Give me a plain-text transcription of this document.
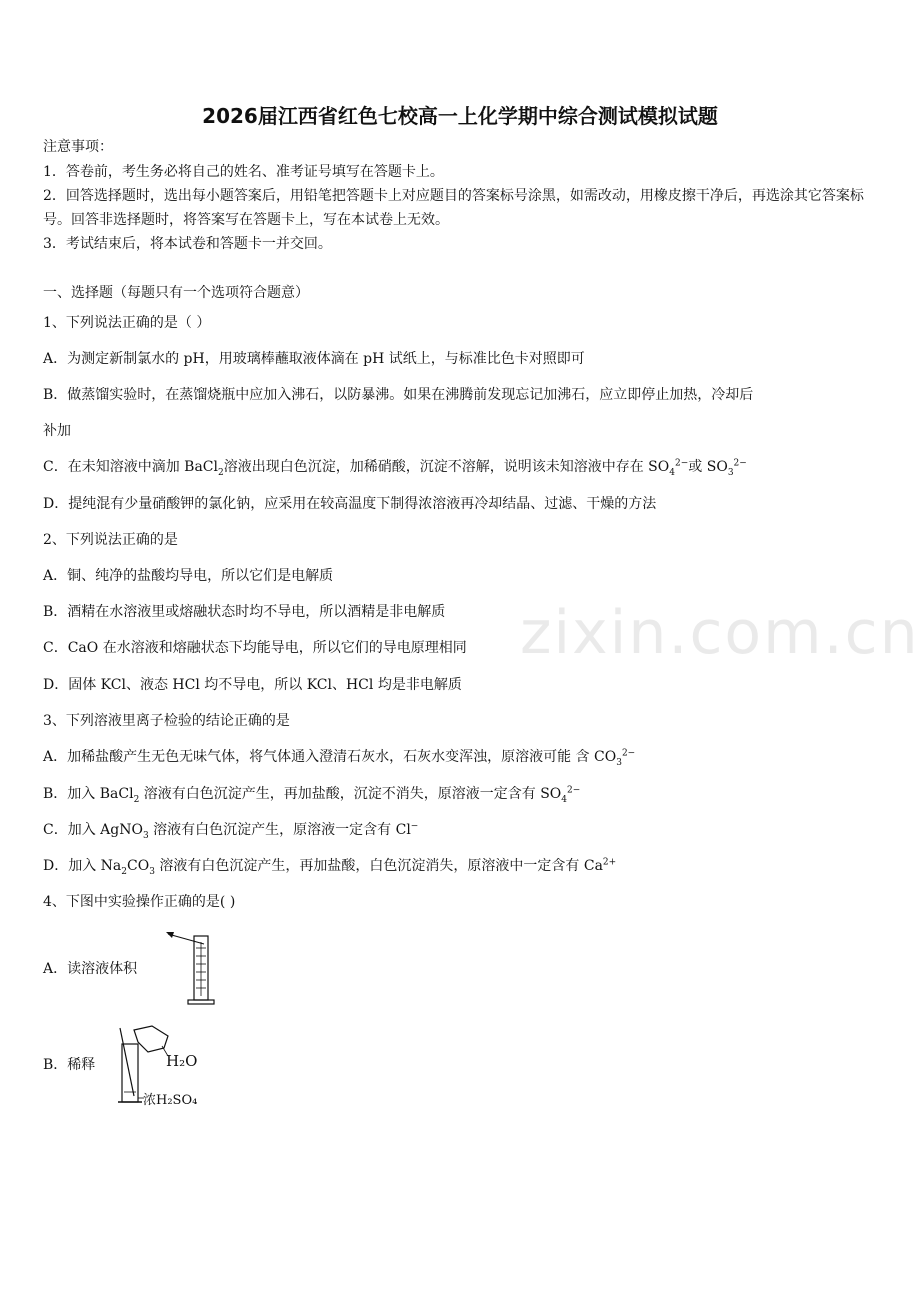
2026届江西省红色七校高一上化学期中综合测试模拟试题
注意事项：
1．答卷前，考生务必将自己的姓名、准考证号填写在答题卡上。
2．回答选择题时，选出每小题答案后，用铅笔把答题卡上对应题目的答案标号涂黑，如需改动，用橡皮擦干净后，再选涂其它答案标号。回答非选择题时，将答案写在答题卡上，写在本试卷上无效。
3．考试结束后，将本试卷和答题卡一并交回。
一、选择题（每题只有一个选项符合题意）
1、下列说法正确的是（ ）
A．为测定新制氯水的 pH，用玻璃棒蘸取液体滴在 pH 试纸上，与标准比色卡对照即可
B．做蒸馏实验时，在蒸馏烧瓶中应加入沸石，以防暴沸。如果在沸腾前发现忘记加沸石，应立即停止加热，冷却后
补加
C．在未知溶液中滴加 BaCl$_2$溶液出现白色沉淀，加稀硝酸，沉淀不溶解，说明该未知溶液中存在 $SO_4^{2-}$或 $SO_3^{2-}$
D．提纯混有少量硝酸钾的氯化钠，应采用在较高温度下制得浓溶液再冷却结晶、过滤、干燥的方法
2、下列说法正确的是
A．铜、纯净的盐酸均导电，所以它们是电解质
B．酒精在水溶液里或熔融状态时均不导电，所以酒精是非电解质
C．CaO 在水溶液和熔融状态下均能导电，所以它们的导电原理相同
D．固体 KCl、液态 HCl 均不导电，所以 KCl、HCl 均是非电解质
3、下列溶液里离子检验的结论正确的是
A．加稀盐酸产生无色无味气体，将气体通入澄清石灰水，石灰水变浑浊，原溶液可能 含 $CO_3^{2-}$
B．加入 BaCl$_2$ 溶液有白色沉淀产生，再加盐酸，沉淀不消失，原溶液一定含有 $SO_4^{2-}$
C．加入 AgNO$_3$ 溶液有白色沉淀产生，原溶液一定含有 Cl−
D．加入 $Na_2CO_3$ 溶液有白色沉淀产生，再加盐酸，白色沉淀消失，原溶液中一定含有 $Ca^{2+}$
4、下图中实验操作正确的是( )
A．读溶液体积
B．稀释	H₂O
浓H₂SO₄
zixin.com.cn
